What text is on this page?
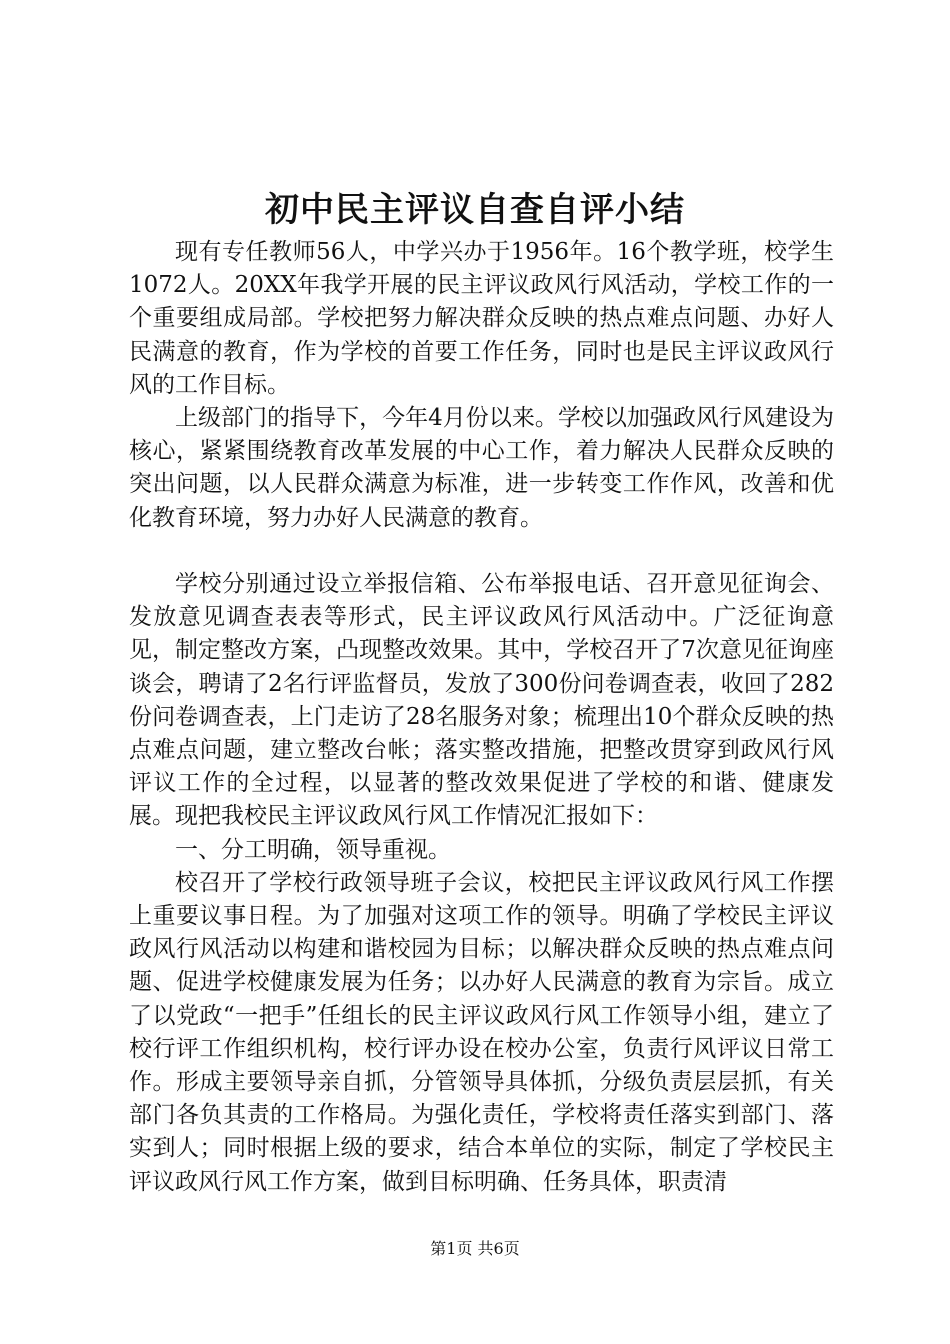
初中民主评议自查自评小结

现有专任教师56人，中学兴办于1956年。16个教学班，校学生1072人。20XX年我学开展的民主评议政风行风活动，学校工作的一个重要组成局部。学校把努力解决群众反映的热点难点问题、办好人民满意的教育，作为学校的首要工作任务，同时也是民主评议政风行风的工作目标。

上级部门的指导下，今年4月份以来。学校以加强政风行风建设为核心，紧紧围绕教育改革发展的中心工作，着力解决人民群众反映的突出问题，以人民群众满意为标准，进一步转变工作作风，改善和优化教育环境，努力办好人民满意的教育。

学校分别通过设立举报信箱、公布举报电话、召开意见征询会、发放意见调查表表等形式，民主评议政风行风活动中。广泛征询意见，制定整改方案，凸现整改效果。其中，学校召开了7次意见征询座谈会，聘请了2名行评监督员，发放了300份问卷调查表，收回了282份问卷调查表，上门走访了28名服务对象；梳理出10个群众反映的热点难点问题，建立整改台帐；落实整改措施，把整改贯穿到政风行风评议工作的全过程，以显著的整改效果促进了学校的和谐、健康发展。现把我校民主评议政风行风工作情况汇报如下：

一、分工明确，领导重视。

校召开了学校行政领导班子会议，校把民主评议政风行风工作摆上重要议事日程。为了加强对这项工作的领导。明确了学校民主评议政风行风活动以构建和谐校园为目标；以解决群众反映的热点难点问题、促进学校健康发展为任务；以办好人民满意的教育为宗旨。成立了以党政“一把手”任组长的民主评议政风行风工作领导小组，建立了校行评工作组织机构，校行评办设在校办公室，负责行风评议日常工作。形成主要领导亲自抓，分管领导具体抓，分级负责层层抓，有关部门各负其责的工作格局。为强化责任，学校将责任落实到部门、落实到人；同时根据上级的要求，结合本单位的实际，制定了学校民主评议政风行风工作方案，做到目标明确、任务具体，职责清

第1页 共6页
